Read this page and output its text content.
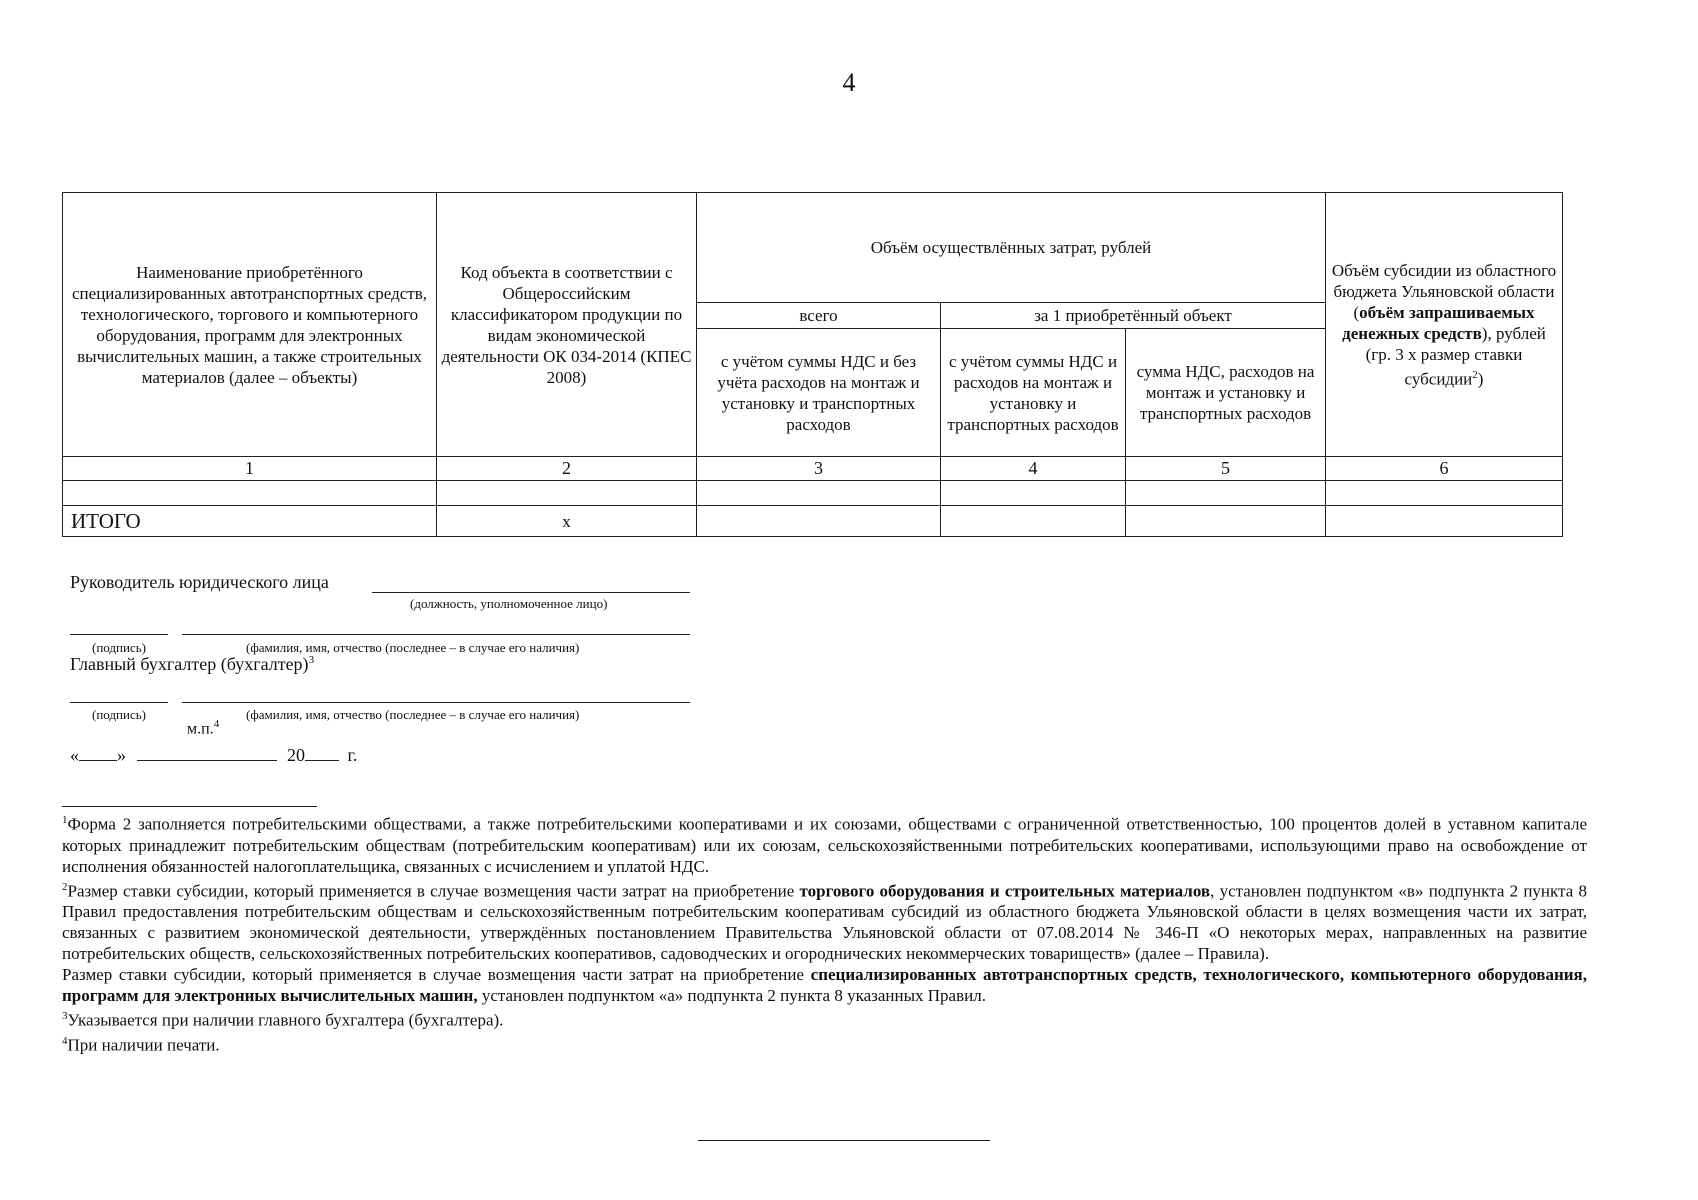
4
Наименование приобретённого специализированных автотранспортных средств, технологического, торгового и компьютерного оборудования, программ для электронных вычислительных машин, а также строительных материалов (далее – объекты)	Код объекта в соответствии с Общероссийским классификатором продукции по видам экономической деятельности ОК 034-2014 (КПЕС 2008)	Объём осуществлённых затрат, рублей			Объём субсидии из областного бюджета Ульяновской области (объём запрашиваемых денежных средств), рублей (гр. 3 х размер ставки субсидии$^2$)
		всего	за 1 приобретённый объект		
		с учётом суммы НДС и без учёта расходов на монтаж и установку и транспортных расходов	с учётом суммы НДС и расходов на монтаж и установку и транспортных расходов	сумма НДС, расходов на монтаж и установку и транспортных расходов	
1	2	3	4	5	6

ИТОГО	х				
Руководитель юридического лица
(должность, уполномоченное лицо)
(подпись)	(фамилия, имя, отчество (последнее – в случае его наличия)
Главный бухгалтер (бухгалтер)$^3$
(подпись)	(фамилия, имя, отчество (последнее – в случае его наличия)
м.п.$^4$
« »	20 г.

$^1$Форма 2 заполняется потребительскими обществами, а также потребительскими кооперативами и их союзами, обществами с ограниченной ответственностью, 100 процентов долей в уставном капитале которых принадлежит потребительским обществам (потребительским кооперативам) или их союзам, сельскохозяйственными потребительских кооперативами, использующими право на освобождение от исполнения обязанностей налогоплательщика, связанных с исчислением и уплатой НДС.

$^2$Размер ставки субсидии, который применяется в случае возмещения части затрат на приобретение торгового оборудования и строительных материалов, установлен подпунктом «в» подпункта 2 пункта 8 Правил предоставления потребительским обществам и сельскохозяйственным потребительским кооперативам субсидий из областного бюджета Ульяновской области в целях возмещения части их затрат, связанных с развитием экономической деятельности, утверждённых постановлением Правительства Ульяновской области от 07.08.2014 № 346-П «О некоторых мерах, направленных на развитие потребительских обществ, сельскохозяйственных потребительских кооперативов, садоводческих и огороднических некоммерческих товариществ» (далее – Правила).

Размер ставки субсидии, который применяется в случае возмещения части затрат на приобретение специализированных автотранспортных средств, технологического, компьютерного оборудования, программ для электронных вычислительных машин, установлен подпунктом «а» подпункта 2 пункта 8 указанных Правил.

$^3$Указывается при наличии главного бухгалтера (бухгалтера).

$^4$При наличии печати.
